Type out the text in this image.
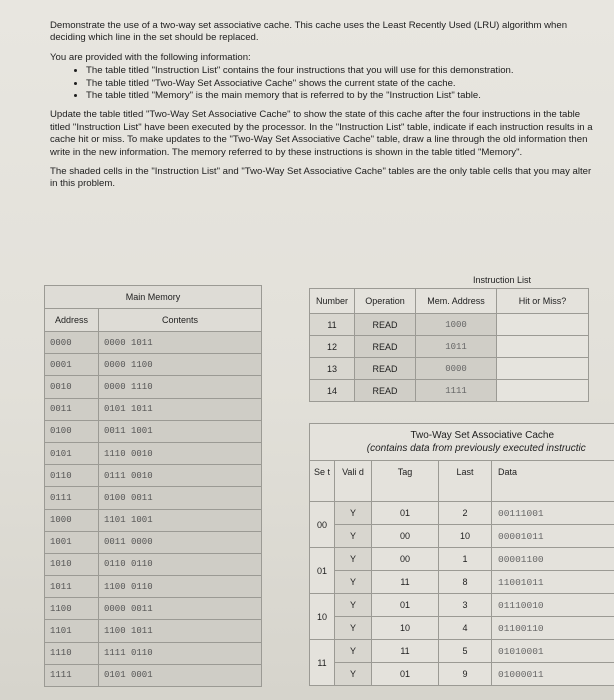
Demonstrate the use of a two-way set associative cache. This cache uses the Least Recently Used (LRU) algorithm when deciding which line in the set should be replaced.

You are provided with the following information:

• The table titled "Instruction List" contains the four instructions that you will use for this demonstration.
• The table titled "Two-Way Set Associative Cache" shows the current state of the cache.
• The table titled "Memory" is the main memory that is referred to by the "Instruction List" table.

Update the table titled "Two-Way Set Associative Cache" to show the state of this cache after the four instructions in the table titled "Instruction List" have been executed by the processor. In the "Instruction List" table, indicate if each instruction results in a cache hit or miss. To make updates to the "Two-Way Set Associative Cache" table, draw a line through the old information then write in the new information. The memory referred to by these instructions is shown in the table titled "Memory".

The shaded cells in the "Instruction List" and "Two-Way Set Associative Cache" tables are the only table cells that you may alter in this problem.

Main Memory	
Address	Contents
0000	0000 1011
0001	0000 1100
0010	0000 1110
0011	0101 1011
0100	0011 1001
0101	1110 0010
0110	0111 0010
0111	0100 0011
1000	1101 1001
1001	0011 0000
1010	0110 0110
1011	1100 0110
1100	0000 0011
1101	1100 1011
1110	1111 0110
1111	0101 0001
		Instruction List	
Number	Operation	Mem. Address	Hit or Miss?
11	READ	1000	
12	READ	1011	
13	READ	0000	
14	READ	1111	

	Two-Way Set Associative Cache
(contains data from previously executed instructic			
Se t	Vali d	Tag	Last	Data
00	Y	01	2	00111001
	Y	00	10	00001011
01	Y	00	1	00001100
	Y	11	8	11001011
10	Y	01	3	01110010
	Y	10	4	01100110
11	Y	11	5	01010001
	Y	01	9	01000011
